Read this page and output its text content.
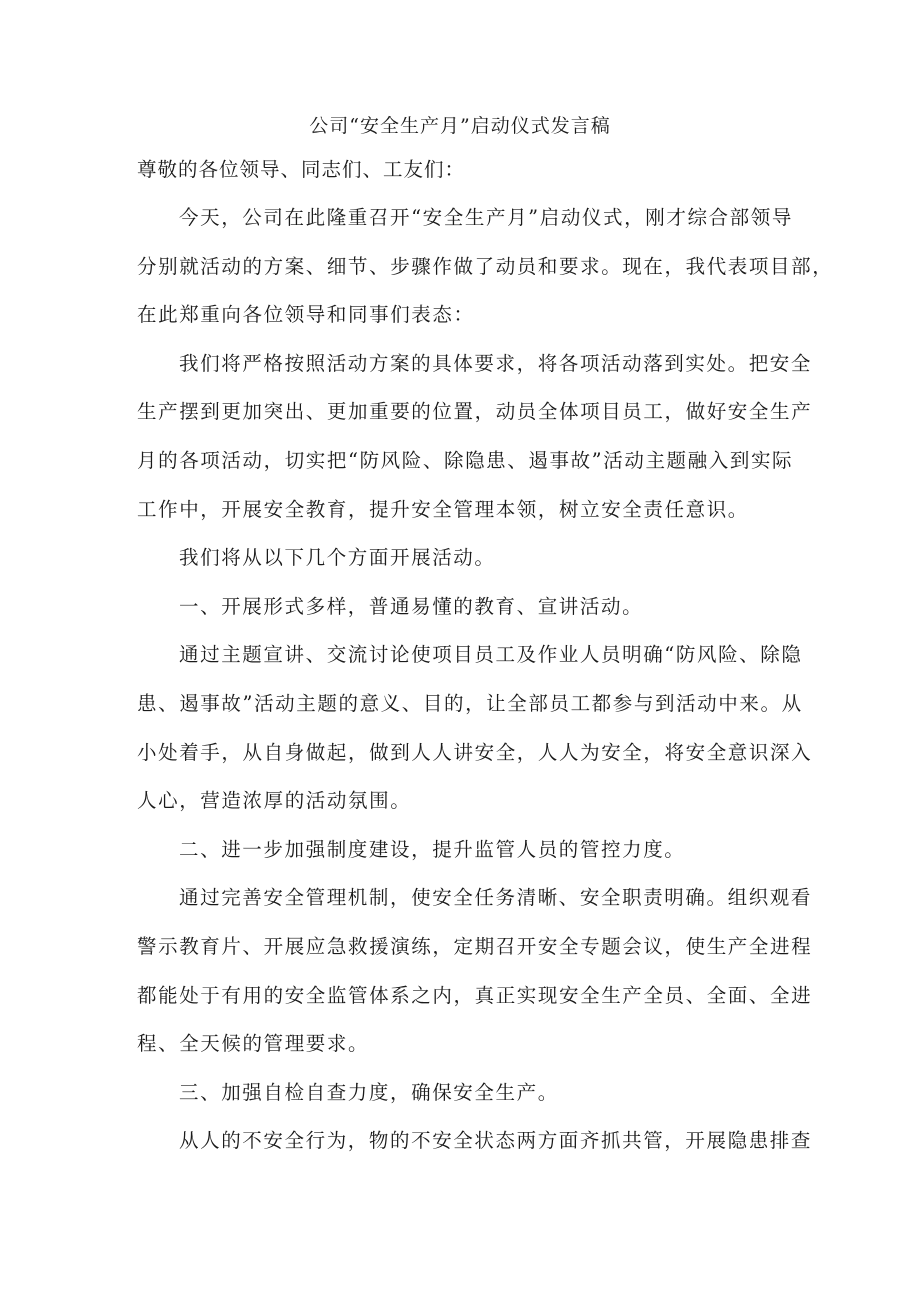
公司“安全生产月”启动仪式发言稿

尊敬的各位领导、同志们、工友们：

今天，公司在此隆重召开“安全生产月”启动仪式，刚才综合部领导
分别就活动的方案、细节、步骤作做了动员和要求。现在，我代表项目部，
在此郑重向各位领导和同事们表态：

我们将严格按照活动方案的具体要求，将各项活动落到实处。把安全
生产摆到更加突出、更加重要的位置，动员全体项目员工，做好安全生产
月的各项活动，切实把“防风险、除隐患、遏事故”活动主题融入到实际
工作中，开展安全教育，提升安全管理本领，树立安全责任意识。

我们将从以下几个方面开展活动。

一、开展形式多样，普通易懂的教育、宣讲活动。

通过主题宣讲、交流讨论使项目员工及作业人员明确“防风险、除隐
患、遏事故”活动主题的意义、目的，让全部员工都参与到活动中来。从
小处着手，从自身做起，做到人人讲安全，人人为安全，将安全意识深入
人心，营造浓厚的活动氛围。

二、进一步加强制度建设，提升监管人员的管控力度。

通过完善安全管理机制，使安全任务清晰、安全职责明确。组织观看
警示教育片、开展应急救援演练，定期召开安全专题会议，使生产全进程
都能处于有用的安全监管体系之内，真正实现安全生产全员、全面、全进
程、全天候的管理要求。

三、加强自检自查力度，确保安全生产。

从人的不安全行为，物的不安全状态两方面齐抓共管，开展隐患排查
